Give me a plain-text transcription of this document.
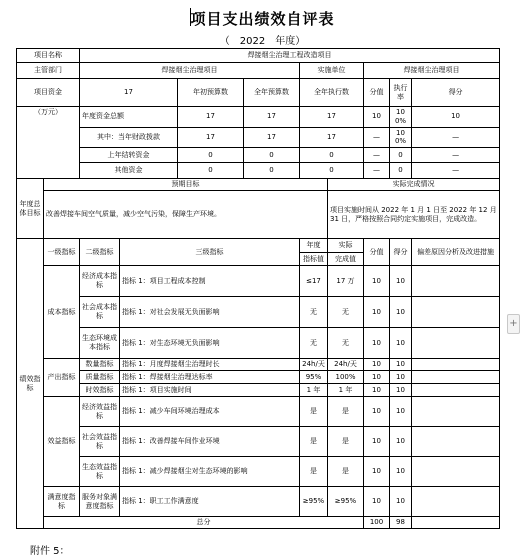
项目支出绩效自评表
（　2022　年度）
项目名称		焊接烟尘治理工程改造项目								
主管部门		焊接烟尘治理项目				实施单位		焊接烟尘治理项目		
项目资金		17		年初预算数	全年预算数	全年执行数		分值	执行率	得分
（万元）		年度资金总额		17	17	17		10	100%	10
		其中：当年财政拨款		17	17	17		—	100%	—
		上年结转资金		0	0	0		—	0	—
		其他资金		0	0	0		—	0	—
年度总体目标	预期目标						实际完成情况			
	改善焊接车间空气质量，减少空气污染，保障生产环境。						项目实施时间从 2022 年 1 月 1 日至 2022 年 12 月 31 日，严格按照合同约定实施项目，完成改造。			
绩效指标	一级指标	二级指标	三级指标			年度	实际	分值	得分	偏差原因分析及改进措施
						指标值	完成值			
	成本指标	经济成本指标	指标 1：项目工程成本控制			≤17	17 万	10	10	
		社会成本指标	指标 1：对社会发展无负面影响			无	无	10	10	
		生态环境成本指标	指标 1：对生态环境无负面影响			无	无	10	10	
	产出指标	数量指标	指标 1：月度焊接烟尘治理时长			24h/天	24h/天	10	10	
		质量指标	指标 1：焊接烟尘治理达标率			95%	100%	10	10	
		时效指标	指标 1：项目实施时间			1 年	1 年	10	10	
	效益指标	经济效益指标	指标 1：减少车间环境治理成本			是	是	10	10	
		社会效益指标	指标 1：改善焊接车间作业环境			是	是	10	10	
		生态效益指标	指标 1：减少焊接烟尘对生态环境的影响			是	是	10	10	
	满意度指标	服务对象满意度指标	指标 1：职工工作满意度			≥95%	≥95%	10	10	
	总分							100	98	
附件 5：
+
